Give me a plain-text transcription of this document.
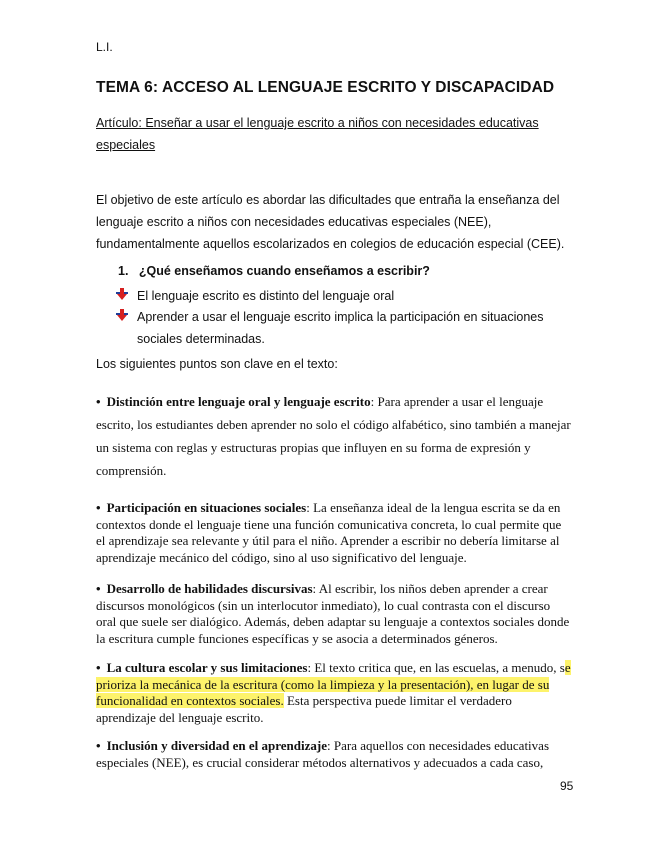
L.I.
TEMA 6: ACCESO AL LENGUAJE ESCRITO Y DISCAPACIDAD
Artículo: Enseñar a usar el lenguaje escrito a niños con necesidades educativas especiales
El objetivo de este artículo es abordar las dificultades que entraña la enseñanza del lenguaje escrito a niños con necesidades educativas especiales (NEE), fundamentalmente aquellos escolarizados en colegios de educación especial (CEE).
1.   ¿Qué enseñamos cuando enseñamos a escribir?
El lenguaje escrito es distinto del lenguaje oral
Aprender a usar el lenguaje escrito implica la participación en situaciones sociales determinadas.
Los siguientes puntos son clave en el texto:
• Distinción entre lenguaje oral y lenguaje escrito: Para aprender a usar el lenguaje escrito, los estudiantes deben aprender no solo el código alfabético, sino también a manejar un sistema con reglas y estructuras propias que influyen en su forma de expresión y comprensión.
• Participación en situaciones sociales: La enseñanza ideal de la lengua escrita se da en contextos donde el lenguaje tiene una función comunicativa concreta, lo cual permite que el aprendizaje sea relevante y útil para el niño. Aprender a escribir no debería limitarse al aprendizaje mecánico del código, sino al uso significativo del lenguaje.
• Desarrollo de habilidades discursivas: Al escribir, los niños deben aprender a crear discursos monológicos (sin un interlocutor inmediato), lo cual contrasta con el discurso oral que suele ser dialógico. Además, deben adaptar su lenguaje a contextos sociales donde la escritura cumple funciones específicas y se asocia a determinados géneros.
• La cultura escolar y sus limitaciones: El texto critica que, en las escuelas, a menudo, se prioriza la mecánica de la escritura (como la limpieza y la presentación), en lugar de su funcionalidad en contextos sociales. Esta perspectiva puede limitar el verdadero aprendizaje del lenguaje escrito.
• Inclusión y diversidad en el aprendizaje: Para aquellos con necesidades educativas especiales (NEE), es crucial considerar métodos alternativos y adecuados a cada caso,
95
